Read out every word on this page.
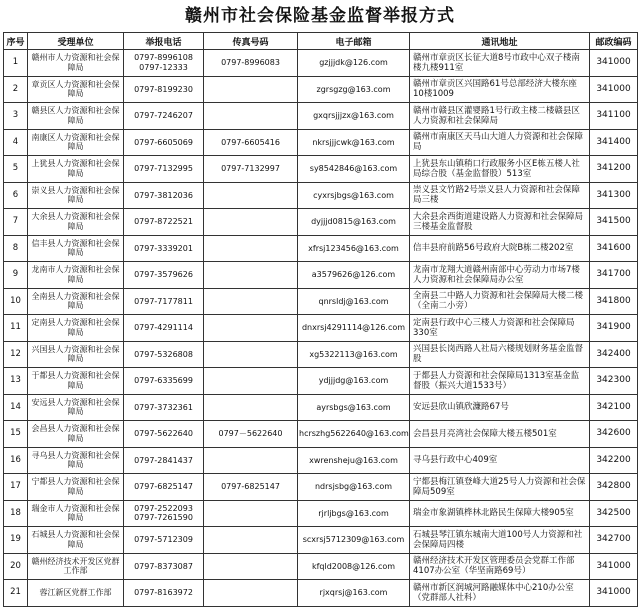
赣州市社会保险基金监督举报方式
序号	受理单位	举报电话	传真号码	电子邮箱	通讯地址	邮政编码
1	赣州市人力资源和社会保障局	0797-8996108 0797-12333	0797-8996083	gzjjjdk@126.com	赣州市章贡区长征大道8号市政中心双子楼南楼九楼911室	341000
2	章贡区人力资源和社会保障局	0797-8199230		zgrsgzg@163.com	赣州市章贡区兴国路61号总部经济大楼东座10楼1009	341000
3	赣县区人力资源和社会保障局	0797-7246207		gxqrsjjjzx@163.com	赣州市赣县区灌婴路1号行政主楼二楼赣县区人力资源和社会保障局	341100
4	南康区人力资源和社会保障局	0797-6605069	0797-6605416	nkrsjjjcwk@163.com	赣州市南康区天马山大道人力资源和社会保障局	341400
5	上犹县人力资源和社会保障局	0797-7132995	0797-7132997	sy8542846@163.com	上犹县东山镇稍口行政服务小区E栋五楼人社局综合股（基金监督股）513室	341200
6	崇义县人力资源和社会保障局	0797-3812036		cyxrsjbgs@163.com	崇义县文竹路2号崇义县人力资源和社会保障局三楼	341300
7	大余县人力资源和社会保障局	0797-8722521		dyjjjd0815@163.com	大余县余西街道建设路人力资源和社会保障局三楼基金监督股	341500
8	信丰县人力资源和社会保障局	0797-3339201		xfrsj123456@163.com	信丰县府前路56号政府大院B栋二楼202室	341600
9	龙南市人力资源和社会保障局	0797-3579626		a3579626@126.com	龙南市龙翔大道赣州南部中心劳动力市场7楼人力资源和社会保障局办公室	341700
10	全南县人力资源和社会保障局	0797-7177811		qnrsldj@163.com	全南县二中路人力资源和社会保障局大楼二楼（全南二小旁）	341800
11	定南县人力资源和社会保障局	0797-4291114		dnxrsj4291114@126.com	定南县行政中心三楼人力资源和社会保障局330室	341900
12	兴国县人力资源和社会保障局	0797-5326808		xg5322113@163.com	兴国县长岗西路人社局六楼规划财务基金监督股	342400
13	于都县人力资源和社会保障局	0797-6335699		ydjjjdg@163.com	于都县人力资源和社会保障局1313室基金监督股（振兴大道1533号）	342300
14	安远县人力资源和社会保障局	0797-3732361		ayrsbgs@163.com	安远县欣山镇欣濂路67号	342100
15	会昌县人力资源和社会保障局	0797-5622640	0797－5622640	hcrszhg5622640@163.com	会昌县月亮湾社会保障大楼五楼501室	342600
16	寻乌县人力资源和社会保障局	0797-2841437		xwrensheju@163.com	寻乌县行政中心409室	342200
17	宁都县人力资源和社会保障局	0797-6825147	0797-6825147	ndrsjsbg@163.com	宁都县梅江镇登峰大道25号人力资源和社会保障局509室	342800
18	瑞金市人力资源和社会保障局	0797-2522093 0797-7261590		rjrljbgs@163.com	瑞金市象湖镇桦林北路民生保障大楼905室	342500
19	石城县人力资源和社会保障局	0797-5712309		scxrsj5712309@163.com	石城县琴江镇东城南大道100号人力资源和社会保障局四楼	342700
20	赣州经济技术开发区党群工作部	0797-8373087		kfqld2008@126.com	赣州经济技术开发区管理委员会党群工作部4107办公室（华坚南路69号）	341000
21	蓉江新区党群工作部	0797-8163972		rjxqrsj@163.com	赣州市新区润城河路融媒体中心210办公室（党群部人社科）	341000
